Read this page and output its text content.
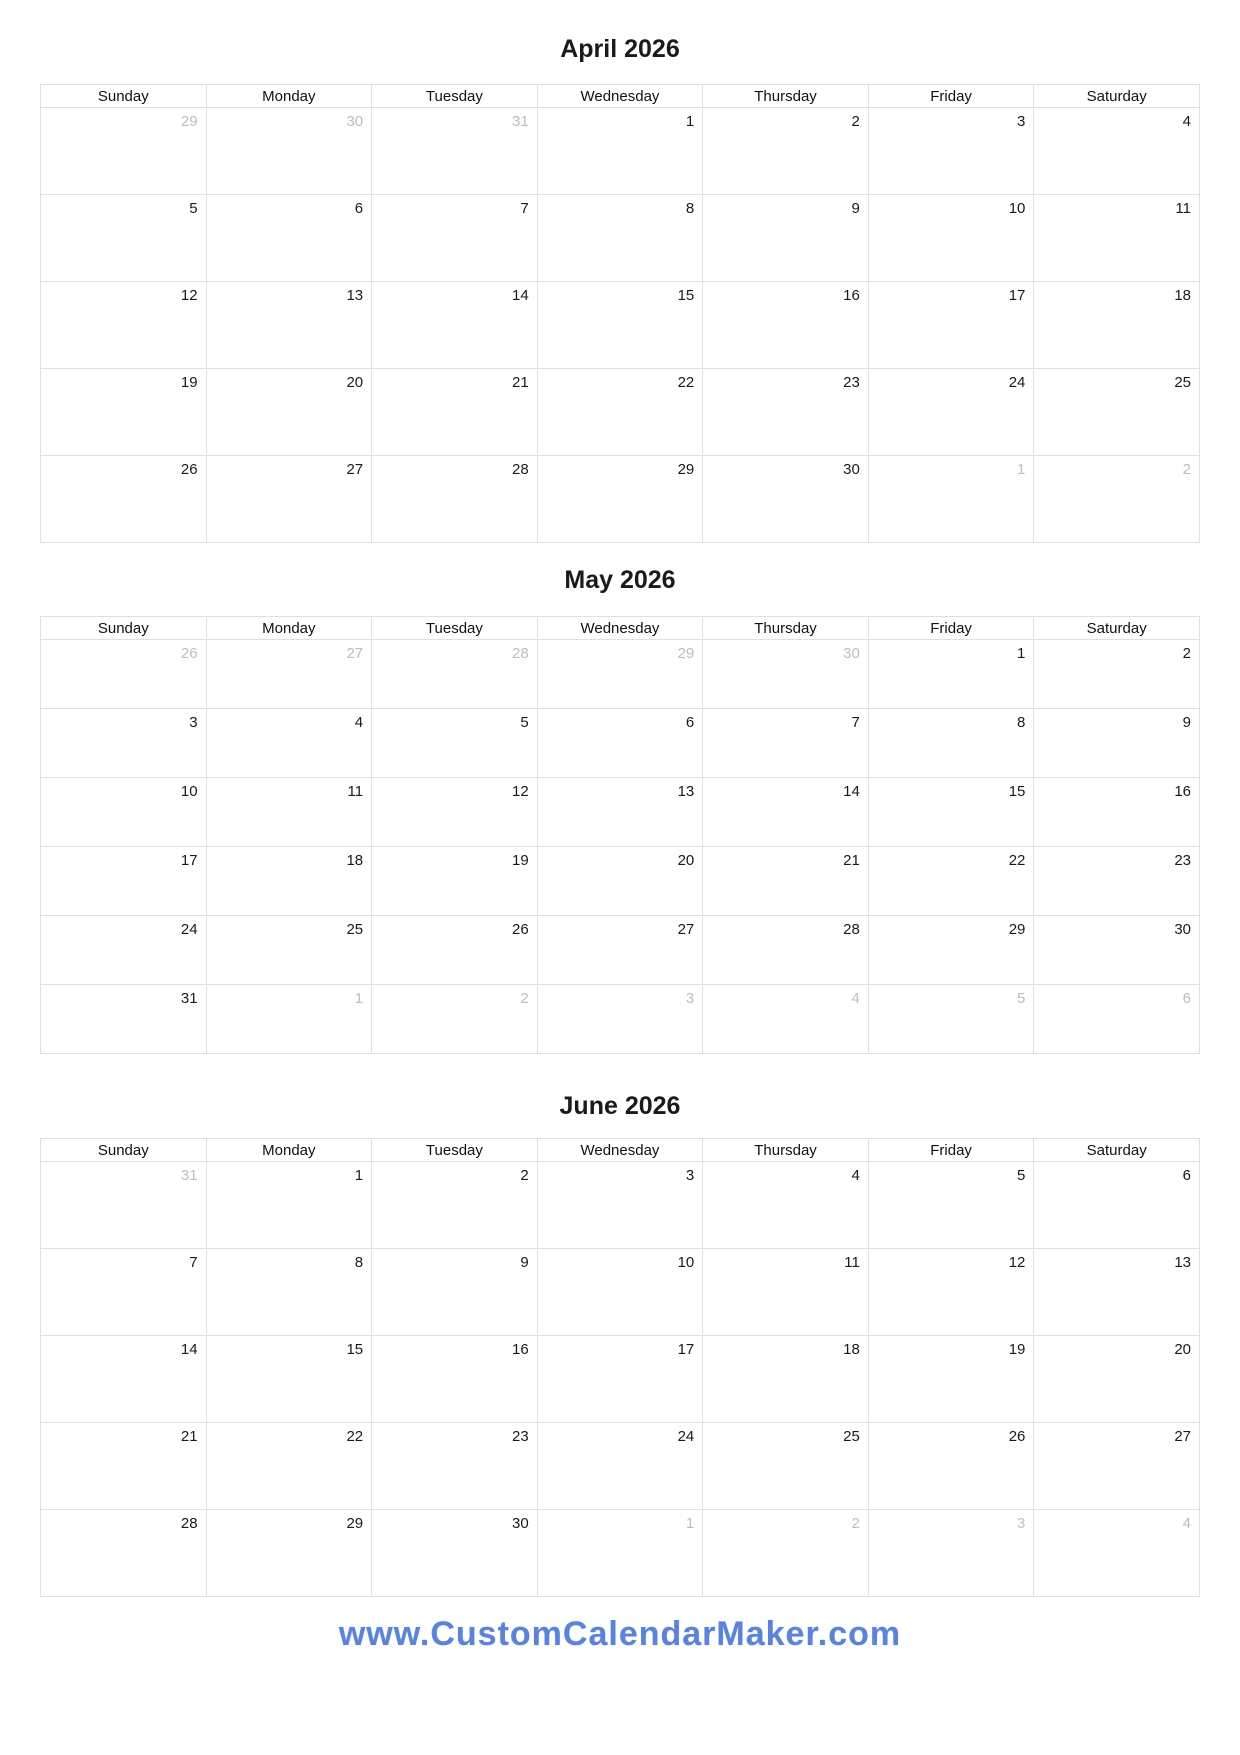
April 2026
Sunday	Monday	Tuesday	Wednesday	Thursday	Friday	Saturday
29	30	31	1	2	3	4
5	6	7	8	9	10	11
12	13	14	15	16	17	18
19	20	21	22	23	24	25
26	27	28	29	30	1	2
May 2026
Sunday	Monday	Tuesday	Wednesday	Thursday	Friday	Saturday
26	27	28	29	30	1	2
3	4	5	6	7	8	9
10	11	12	13	14	15	16
17	18	19	20	21	22	23
24	25	26	27	28	29	30
31	1	2	3	4	5	6
June 2026
Sunday	Monday	Tuesday	Wednesday	Thursday	Friday	Saturday
31	1	2	3	4	5	6
7	8	9	10	11	12	13
14	15	16	17	18	19	20
21	22	23	24	25	26	27
28	29	30	1	2	3	4
www.CustomCalendarMaker.com
